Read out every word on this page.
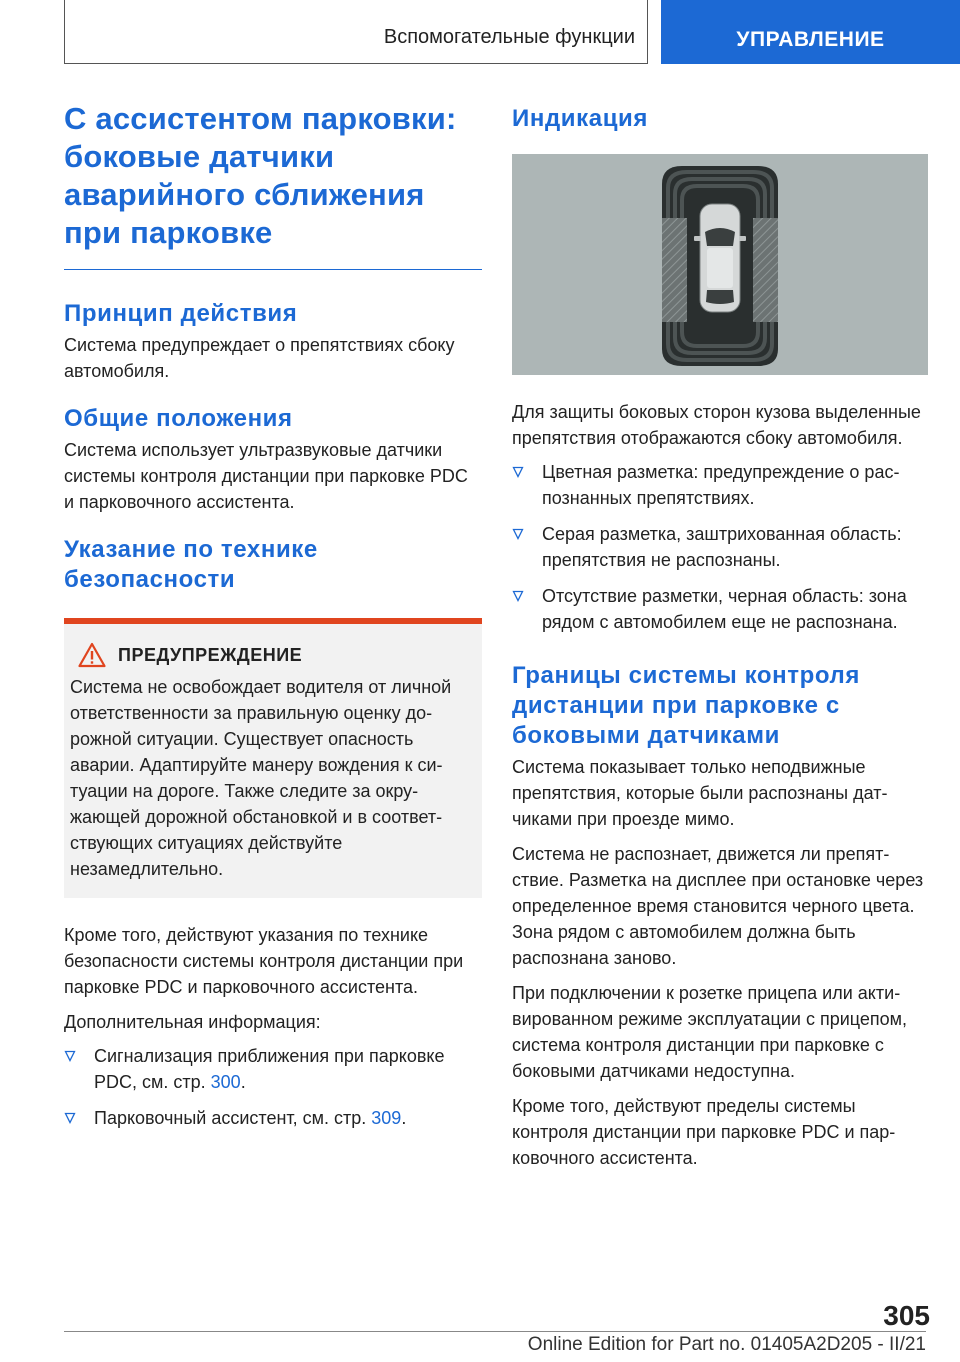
Вспомогательные функции	УПРАВЛЕНИЕ
С ассистентом парковки: боковые датчики аварийного сближения при парковке
Принцип действия

Система предупреждает о препятствиях сбоку автомобиля.

Общие положения

Система использует ультразвуковые датчики системы контроля дистанции при парковке PDC и парковочного ассистента.

Указание по технике безопасности
ПРЕДУПРЕЖДЕНИЕ

Система не освобождает водителя от личной ответственности за правильную оценку дорожной ситуации. Существует опасность аварии. Адаптируйте манеру вождения к ситуации на дороге. Также следите за окружающей дорожной обстановкой и в соответствующих ситуациях действуйте незамедлительно.

Кроме того, действуют указания по технике безопасности системы контроля дистанции при парковке PDC и парковочного ассистента.

Дополнительная информация:

Сигнализация приближения при парковке PDC, см. стр. 300.
Парковочный ассистент, см. стр. 309.
Индикация

Для защиты боковых сторон кузова выделенные препятствия отображаются сбоку автомобиля.

Цветная разметка: предупреждение о распознанных препятствиях.
Серая разметка, заштрихованная область: препятствия не распознаны.
Отсутствие разметки, черная область: зона рядом с автомобилем еще не распознана.
Границы системы контроля дистанции при парковке с боковыми датчиками

Система показывает только неподвижные препятствия, которые были распознаны датчиками при проезде мимо.

Система не распознает, движется ли препятствие. Разметка на дисплее при остановке через определенное время становится черного цвета. Зона рядом с автомобилем должна быть распознана заново.

При подключении к розетке прицепа или активированном режиме эксплуатации с прицепом, система контроля дистанции при парковке с боковыми датчиками недоступна.

Кроме того, действуют пределы системы контроля дистанции при парковке PDC и парковочного ассистента.

305
Online Edition for Part no. 01405A2D205 - II/21
